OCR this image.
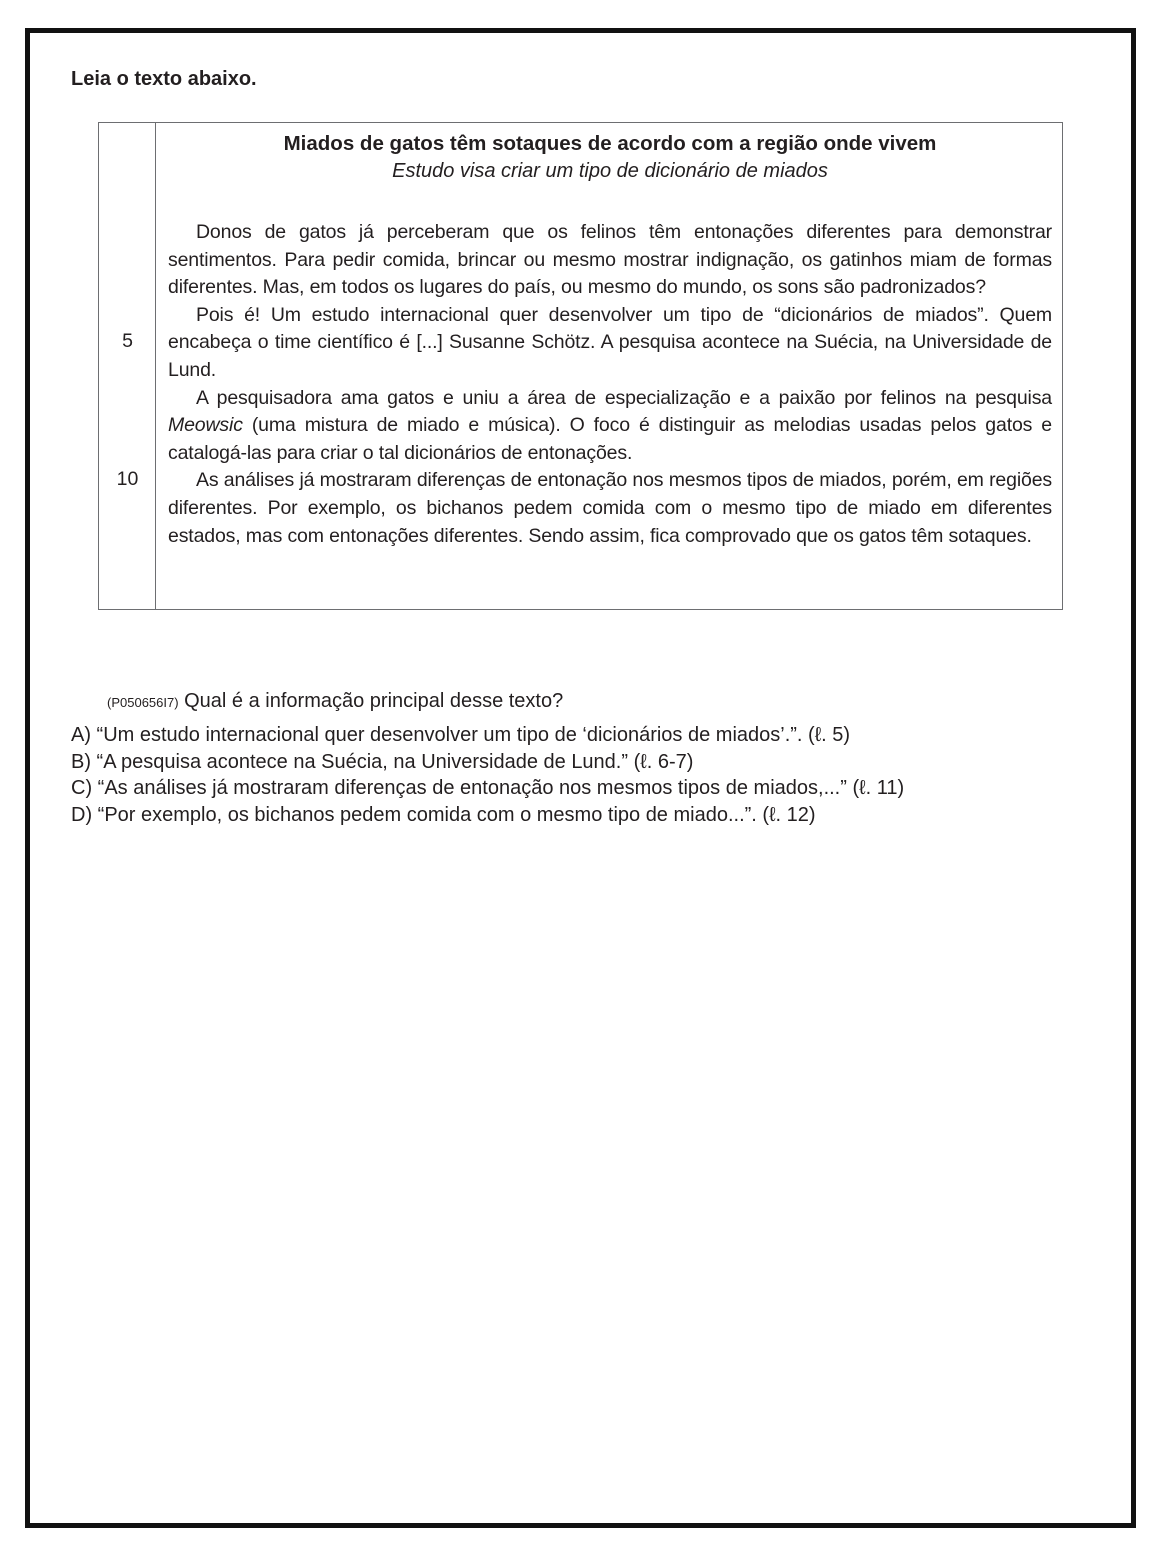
Leia o texto abaixo.
5
10
Miados de gatos têm sotaques de acordo com a região onde vivem
Estudo visa criar um tipo de dicionário de miados

Donos de gatos já perceberam que os felinos têm entonações diferentes para demonstrar sentimentos. Para pedir comida, brincar ou mesmo mostrar indignação, os gatinhos miam de formas diferentes. Mas, em todos os lugares do país, ou mesmo do mundo, os sons são padronizados?

Pois é! Um estudo internacional quer desenvolver um tipo de “dicionários de miados”. Quem encabeça o time científico é [...] Susanne Schötz. A pesquisa acontece na Suécia, na Universidade de Lund.

A pesquisadora ama gatos e uniu a área de especialização e a paixão por felinos na pesquisa Meowsic (uma mistura de miado e música). O foco é distinguir as melodias usadas pelos gatos e catalogá-las para criar o tal dicionários de entonações.

As análises já mostraram diferenças de entonação nos mesmos tipos de miados, porém, em regiões diferentes. Por exemplo, os bichanos pedem comida com o mesmo tipo de miado em diferentes estados, mas com entonações diferentes. Sendo assim, fica comprovado que os gatos têm sotaques.

(P050656I7) Qual é a informação principal desse texto?
A) “Um estudo internacional quer desenvolver um tipo de ‘dicionários de miados’.”. (ℓ. 5)
B) “A pesquisa acontece na Suécia, na Universidade de Lund.” (ℓ. 6-7)
C) “As análises já mostraram diferenças de entonação nos mesmos tipos de miados,...” (ℓ. 11)
D) “Por exemplo, os bichanos pedem comida com o mesmo tipo de miado...”. (ℓ. 12)
